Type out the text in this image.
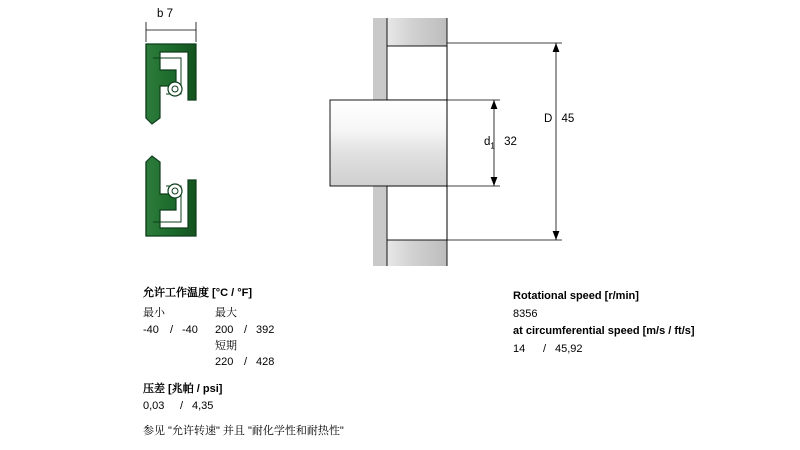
b 7
D 45
$d_1$ 32
允许工作温度 [°C / °F]
最小	最大
-40 / -40 200 / 392
短期
220 / 428
压差 [兆帕 / psi]
0,03 / 4,35
参见 "允许转速" 并且 "耐化学性和耐热性"
Rotational speed [r/min]
8356
at circumferential speed [m/s / ft/s]
14 / 45,92
